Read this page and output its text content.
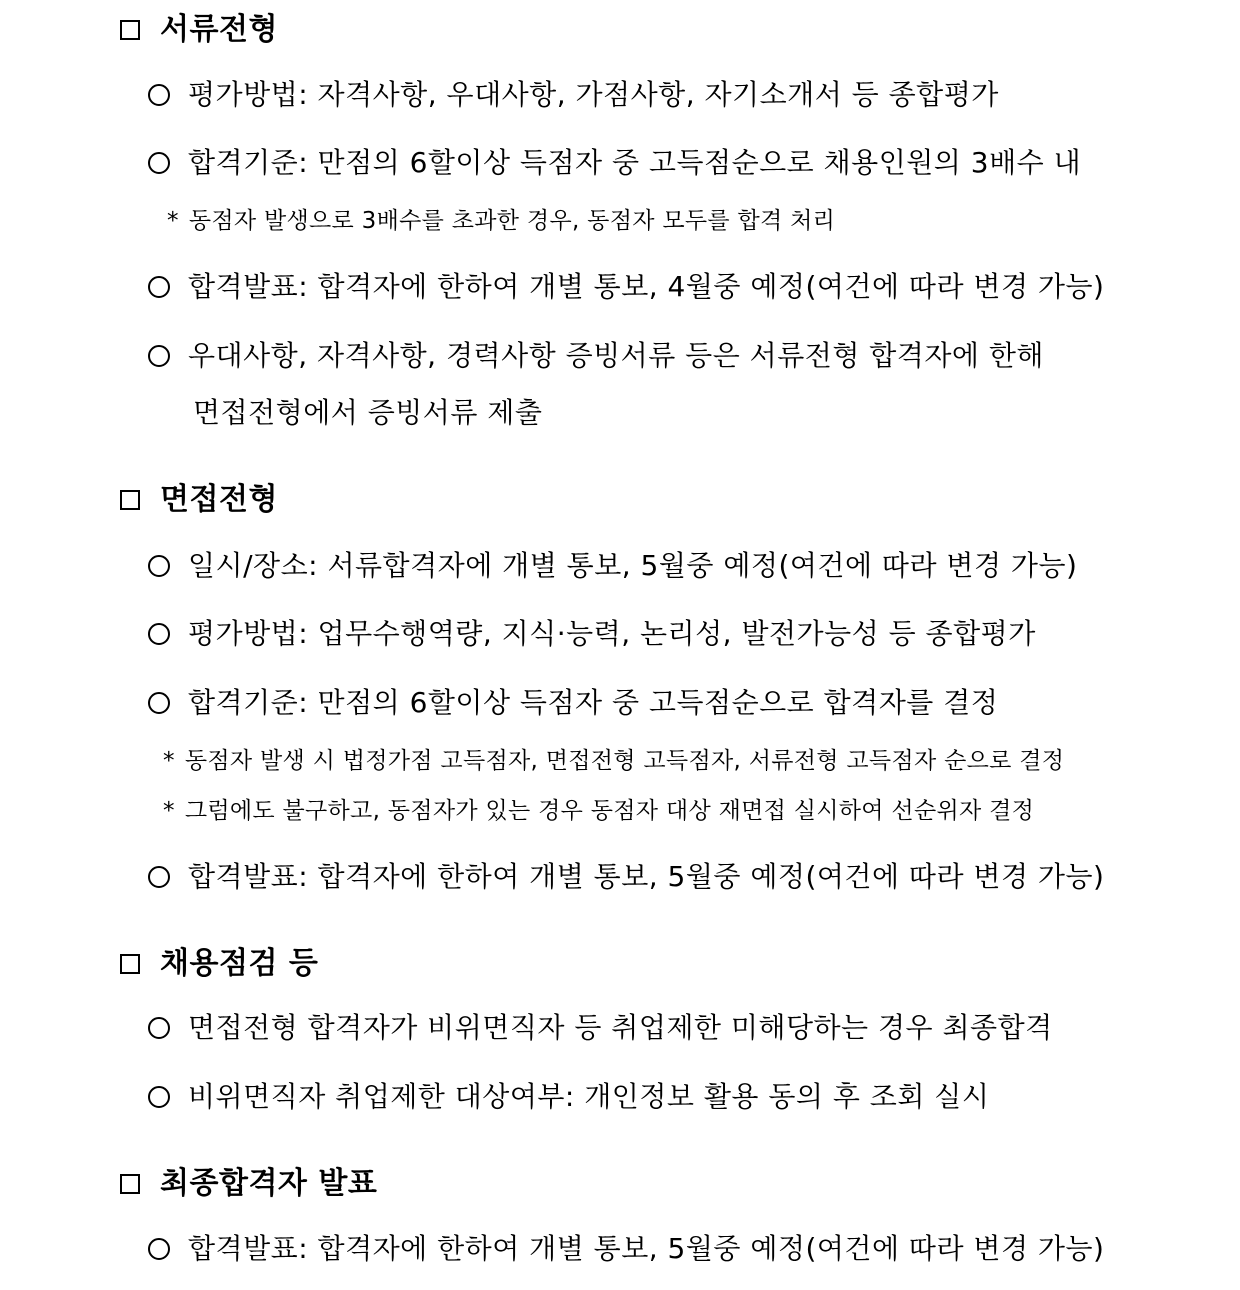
서류전형
평가방법: 자격사항, 우대사항, 가점사항, 자기소개서 등 종합평가
합격기준: 만점의 6할이상 득점자 중 고득점순으로 채용인원의 3배수 내
* 동점자 발생으로 3배수를 초과한 경우, 동점자 모두를 합격 처리
합격발표: 합격자에 한하여 개별 통보, 4월중 예정(여건에 따라 변경 가능)
우대사항, 자격사항, 경력사항 증빙서류 등은 서류전형 합격자에 한해
면접전형에서 증빙서류 제출
면접전형
일시/장소: 서류합격자에 개별 통보, 5월중 예정(여건에 따라 변경 가능)
평가방법: 업무수행역량, 지식·능력, 논리성, 발전가능성 등 종합평가
합격기준: 만점의 6할이상 득점자 중 고득점순으로 합격자를 결정
* 동점자 발생 시 법정가점 고득점자, 면접전형 고득점자, 서류전형 고득점자 순으로 결정
* 그럼에도 불구하고, 동점자가 있는 경우 동점자 대상 재면접 실시하여 선순위자 결정
합격발표: 합격자에 한하여 개별 통보, 5월중 예정(여건에 따라 변경 가능)
채용점검 등
면접전형 합격자가 비위면직자 등 취업제한 미해당하는 경우 최종합격
비위면직자 취업제한 대상여부: 개인정보 활용 동의 후 조회 실시
최종합격자 발표
합격발표: 합격자에 한하여 개별 통보, 5월중 예정(여건에 따라 변경 가능)
